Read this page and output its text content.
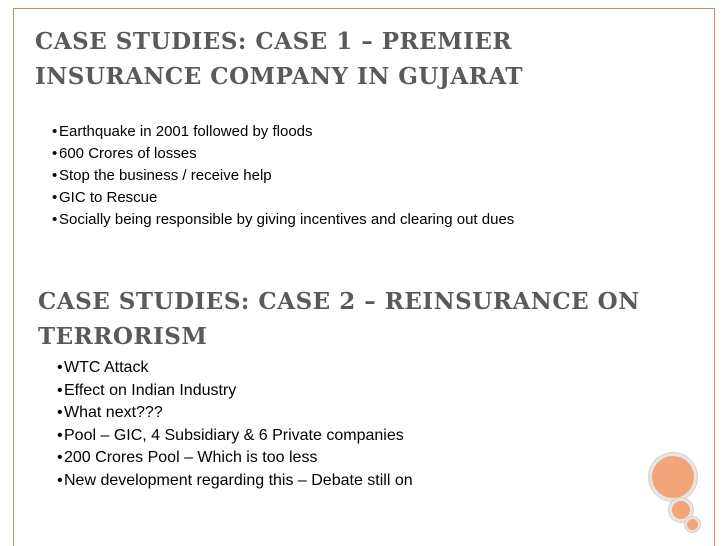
CASE STUDIES: CASE 1 – PREMIER
INSURANCE COMPANY IN GUJARAT
• Earthquake in 2001 followed by floods
• 600 Crores of losses
• Stop the business / receive help
• GIC to Rescue
• Socially being responsible by giving incentives and clearing out dues
CASE STUDIES: CASE 2 – REINSURANCE ON
TERRORISM
• WTC Attack
• Effect on Indian Industry
• What next???
• Pool – GIC, 4 Subsidiary & 6 Private companies
• 200 Crores Pool – Which is too less
• New development regarding this – Debate still on
